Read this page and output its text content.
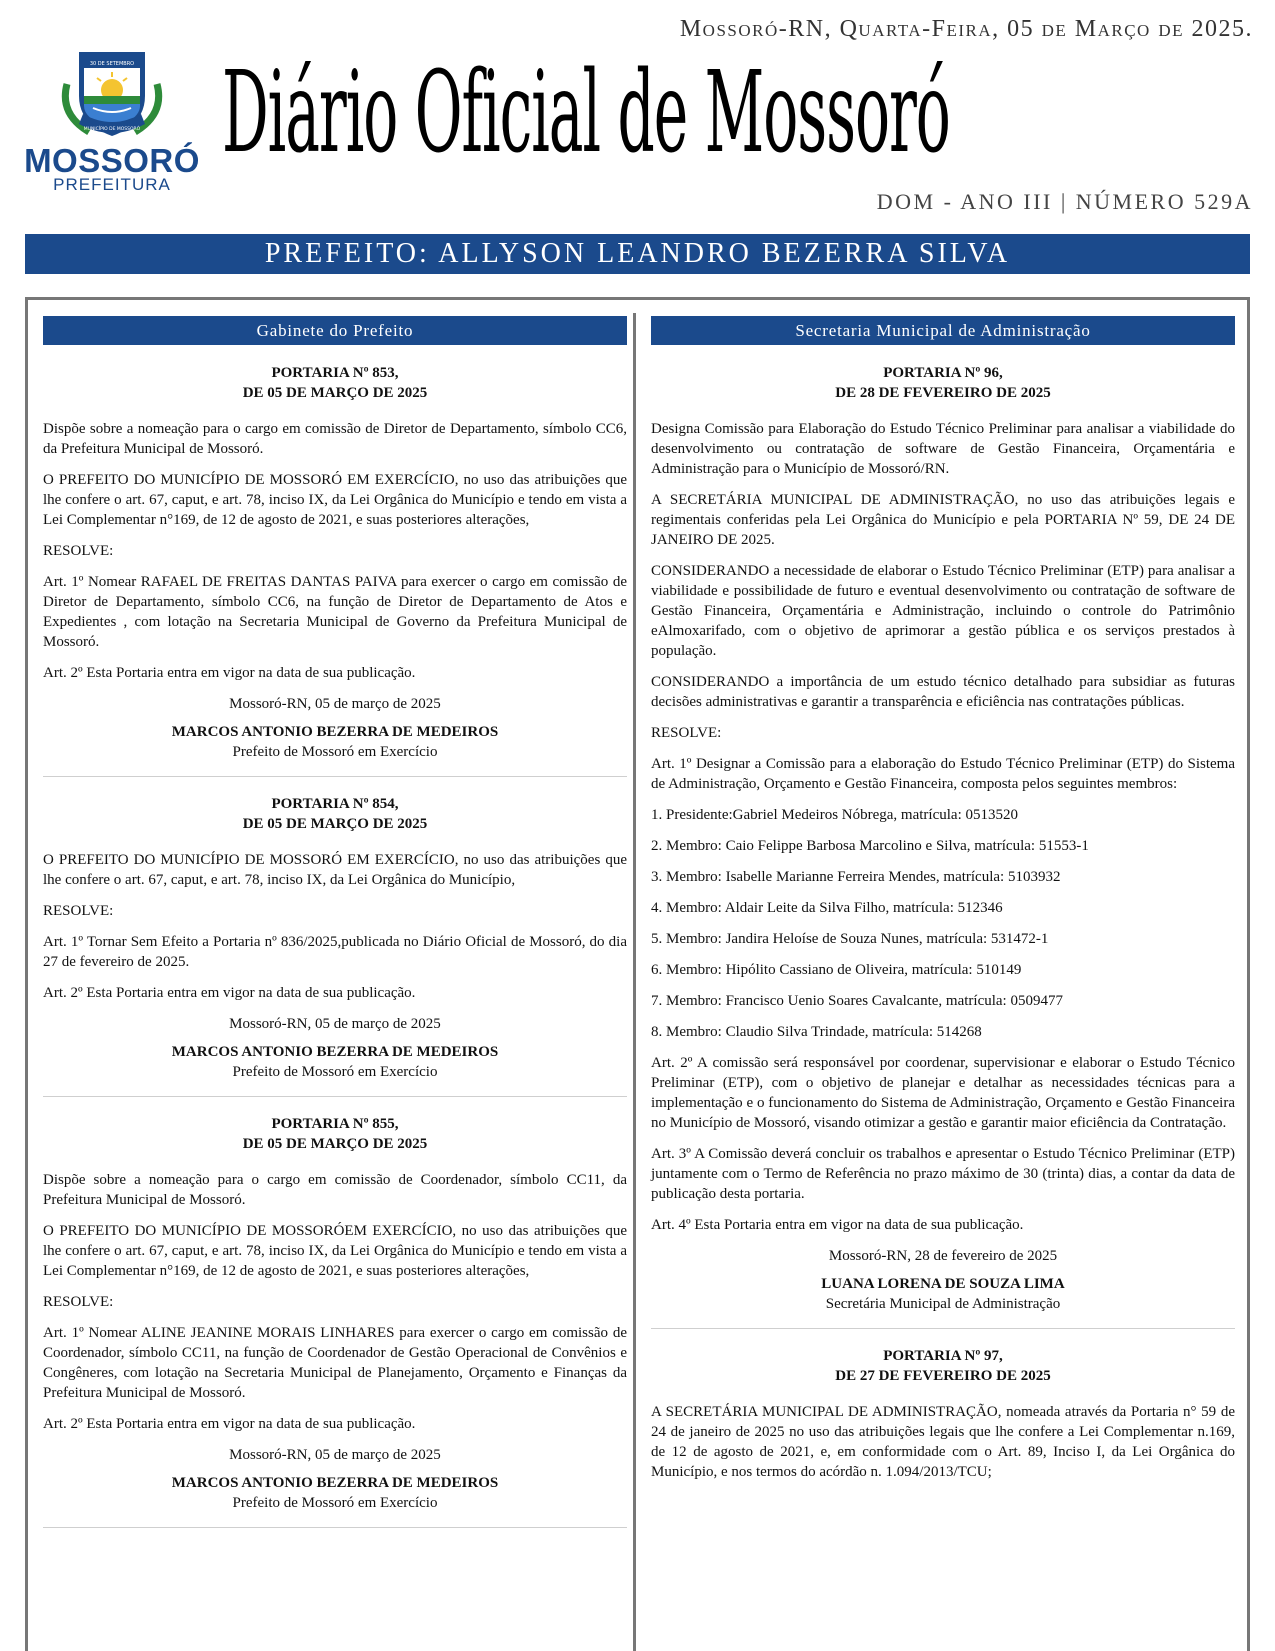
30 DE SETEMBRO
MUNICÍPIO DE MOSSORÓ
MOSSORÓ
PREFEITURA
Mossoró-RN, Quarta-Feira, 05 de Março de 2025.
Diário Oficial de Mossoró
DOM - ANO III | NÚMERO 529A
PREFEITO: ALLYSON LEANDRO BEZERRA SILVA
Gabinete do Prefeito
PORTARIA Nº 853,
DE 05 DE MARÇO DE 2025

Dispõe sobre a nomeação para o cargo em comissão de Diretor de Departamento, símbolo CC6, da Prefeitura Municipal de Mossoró.

O PREFEITO DO MUNICÍPIO DE MOSSORÓ EM EXERCÍCIO, no uso das atribuições que lhe confere o art. 67, caput, e art. 78, inciso IX, da Lei Orgânica do Município e tendo em vista a Lei Complementar n°169, de 12 de agosto de 2021, e suas posteriores alterações,

RESOLVE:

Art. 1º Nomear RAFAEL DE FREITAS DANTAS PAIVA para exercer o cargo em comissão de Diretor de Departamento, símbolo CC6, na função de Diretor de Departamento de Atos e Expedientes , com lotação na Secretaria Municipal de Governo da Prefeitura Municipal de Mossoró.

Art. 2º Esta Portaria entra em vigor na data de sua publicação.

Mossoró-RN, 05 de março de 2025

MARCOS ANTONIO BEZERRA DE MEDEIROS
Prefeito de Mossoró em Exercício
PORTARIA Nº 854,
DE 05 DE MARÇO DE 2025

O PREFEITO DO MUNICÍPIO DE MOSSORÓ EM EXERCÍCIO, no uso das atribuições que lhe confere o art. 67, caput, e art. 78, inciso IX, da Lei Orgânica do Município,

RESOLVE:

Art. 1º Tornar Sem Efeito a Portaria nº 836/2025,publicada no Diário Oficial de Mossoró, do dia 27 de fevereiro de 2025.

Art. 2º Esta Portaria entra em vigor na data de sua publicação.

Mossoró-RN, 05 de março de 2025

MARCOS ANTONIO BEZERRA DE MEDEIROS
Prefeito de Mossoró em Exercício
PORTARIA Nº 855,
DE 05 DE MARÇO DE 2025

Dispõe sobre a nomeação para o cargo em comissão de Coordenador, símbolo CC11, da Prefeitura Municipal de Mossoró.

O PREFEITO DO MUNICÍPIO DE MOSSORÓEM EXERCÍCIO, no uso das atribuições que lhe confere o art. 67, caput, e art. 78, inciso IX, da Lei Orgânica do Município e tendo em vista a Lei Complementar n°169, de 12 de agosto de 2021, e suas posteriores alterações,

RESOLVE:

Art. 1º Nomear ALINE JEANINE MORAIS LINHARES para exercer o cargo em comissão de Coordenador, símbolo CC11, na função de Coordenador de Gestão Operacional de Convênios e Congêneres, com lotação na Secretaria Municipal de Planejamento, Orçamento e Finanças da Prefeitura Municipal de Mossoró.

Art. 2º Esta Portaria entra em vigor na data de sua publicação.

Mossoró-RN, 05 de março de 2025

MARCOS ANTONIO BEZERRA DE MEDEIROS
Prefeito de Mossoró em Exercício
Secretaria Municipal de Administração
PORTARIA Nº 96,
DE 28 DE FEVEREIRO DE 2025

Designa Comissão para Elaboração do Estudo Técnico Preliminar para analisar a viabilidade do desenvolvimento ou contratação de software de Gestão Financeira, Orçamentária e Administração para o Município de Mossoró/RN.

A SECRETÁRIA MUNICIPAL DE ADMINISTRAÇÃO, no uso das atribuições legais e regimentais conferidas pela Lei Orgânica do Município e pela PORTARIA Nº 59, DE 24 DE JANEIRO DE 2025.

CONSIDERANDO a necessidade de elaborar o Estudo Técnico Preliminar (ETP) para analisar a viabilidade e possibilidade de futuro e eventual desenvolvimento ou contratação de software de Gestão Financeira, Orçamentária e Administração, incluindo o controle do Patrimônio eAlmoxarifado, com o objetivo de aprimorar a gestão pública e os serviços prestados à população.

CONSIDERANDO a importância de um estudo técnico detalhado para subsidiar as futuras decisões administrativas e garantir a transparência e eficiência nas contratações públicas.

RESOLVE:

Art. 1º Designar a Comissão para a elaboração do Estudo Técnico Preliminar (ETP) do Sistema de Administração, Orçamento e Gestão Financeira, composta pelos seguintes membros:

1. Presidente:Gabriel Medeiros Nóbrega, matrícula: 0513520

2. Membro: Caio Felippe Barbosa Marcolino e Silva, matrícula: 51553-1

3. Membro: Isabelle Marianne Ferreira Mendes, matrícula: 5103932

4. Membro: Aldair Leite da Silva Filho, matrícula: 512346

5. Membro: Jandira Heloíse de Souza Nunes, matrícula: 531472-1

6. Membro: Hipólito Cassiano de Oliveira, matrícula: 510149

7. Membro: Francisco Uenio Soares Cavalcante, matrícula: 0509477

8. Membro: Claudio Silva Trindade, matrícula: 514268

Art. 2º A comissão será responsável por coordenar, supervisionar e elaborar o Estudo Técnico Preliminar (ETP), com o objetivo de planejar e detalhar as necessidades técnicas para a implementação e o funcionamento do Sistema de Administração, Orçamento e Gestão Financeira no Município de Mossoró, visando otimizar a gestão e garantir maior eficiência da Contratação.

Art. 3º A Comissão deverá concluir os trabalhos e apresentar o Estudo Técnico Preliminar (ETP) juntamente com o Termo de Referência no prazo máximo de 30 (trinta) dias, a contar da data de publicação desta portaria.

Art. 4º Esta Portaria entra em vigor na data de sua publicação.

Mossoró-RN, 28 de fevereiro de 2025

LUANA LORENA DE SOUZA LIMA
Secretária Municipal de Administração
PORTARIA Nº 97,
DE 27 DE FEVEREIRO DE 2025

A SECRETÁRIA MUNICIPAL DE ADMINISTRAÇÃO, nomeada através da Portaria n° 59 de 24 de janeiro de 2025 no uso das atribuições legais que lhe confere a Lei Complementar n.169, de 12 de agosto de 2021, e, em conformidade com o Art. 89, Inciso I, da Lei Orgânica do Município, e nos termos do acórdão n. 1.094/2013/TCU;
